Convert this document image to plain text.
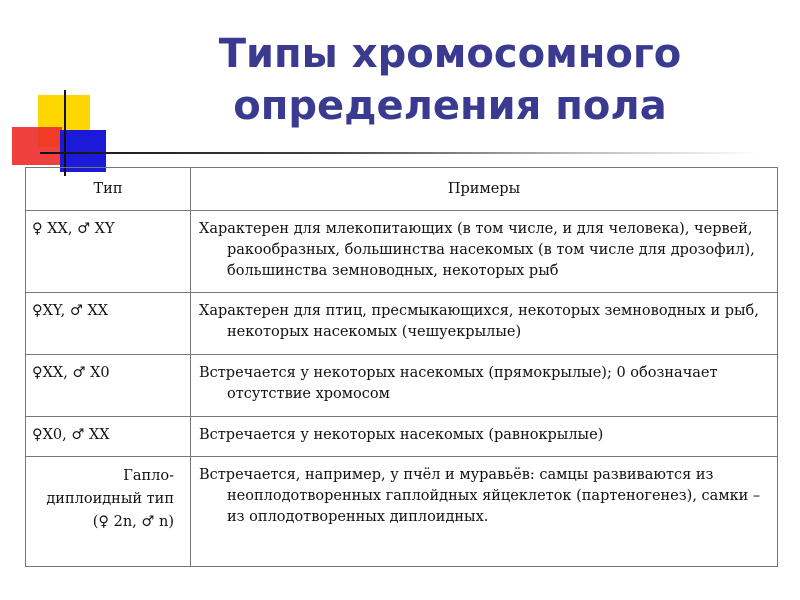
Типы хромосомного определения пола
Тип	Примеры
♀ XX, ♂ XY	Характерен для млекопитающих (в том числе, и для человека), червей, ракообразных, большинства насекомых (в том числе для дрозофил), большинства земноводных, некоторых рыб

♀XY, ♂ XX	Характерен для птиц, пресмыкающихся, некоторых земноводных и рыб, некоторых насекомых (чешуекрылые)

♀XX, ♂ X0	Встречается у некоторых насекомых (прямокрылые); 0 обозначает отсутствие хромосом

♀X0, ♂ XX	Встречается у некоторых насекомых (равнокрылые)

Гапло-диплоидный тип (♀ 2n, ♂ n)	Встречается, например, у пчёл и муравьёв: самцы развиваются из неоплодотворенных гаплойдных яйцеклеток (партеногенез), самки – из оплодотворенных диплоидных.
